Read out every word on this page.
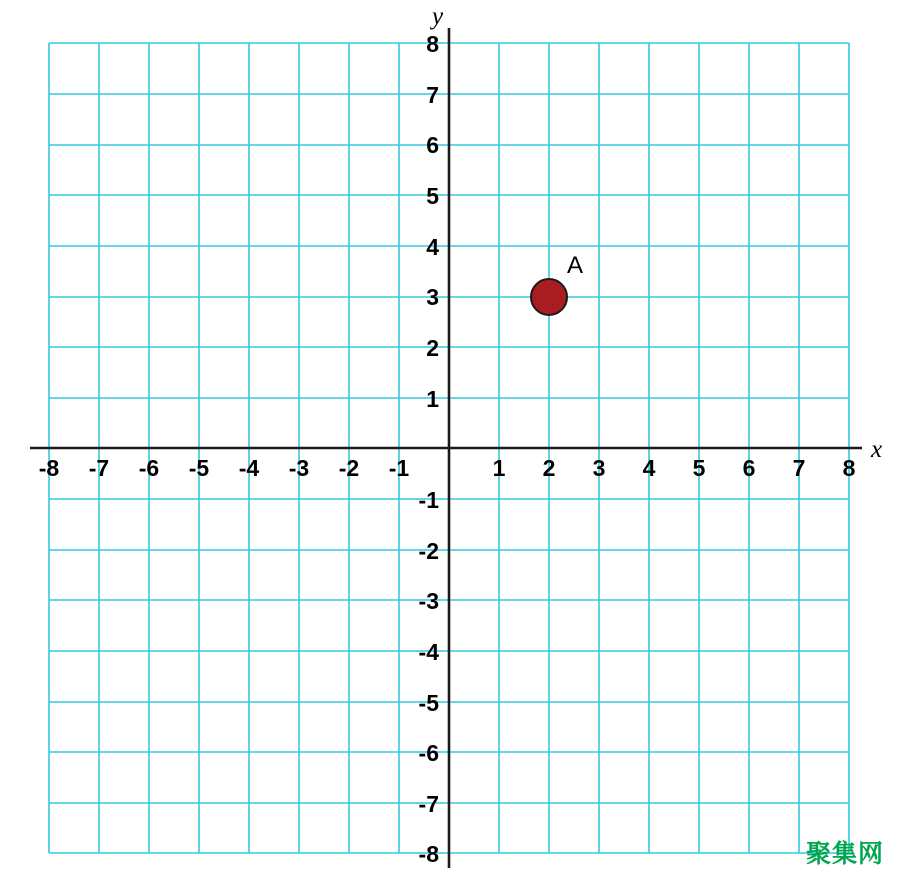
y
x
-8 -7 -6 -5 -4 -3 -2 -1	1 2 3 4 5 6 7 8
8
7
6
5
4
3
2
1
-1
-2
-3
-4
-5
-6
-7
-8
A
聚集网
